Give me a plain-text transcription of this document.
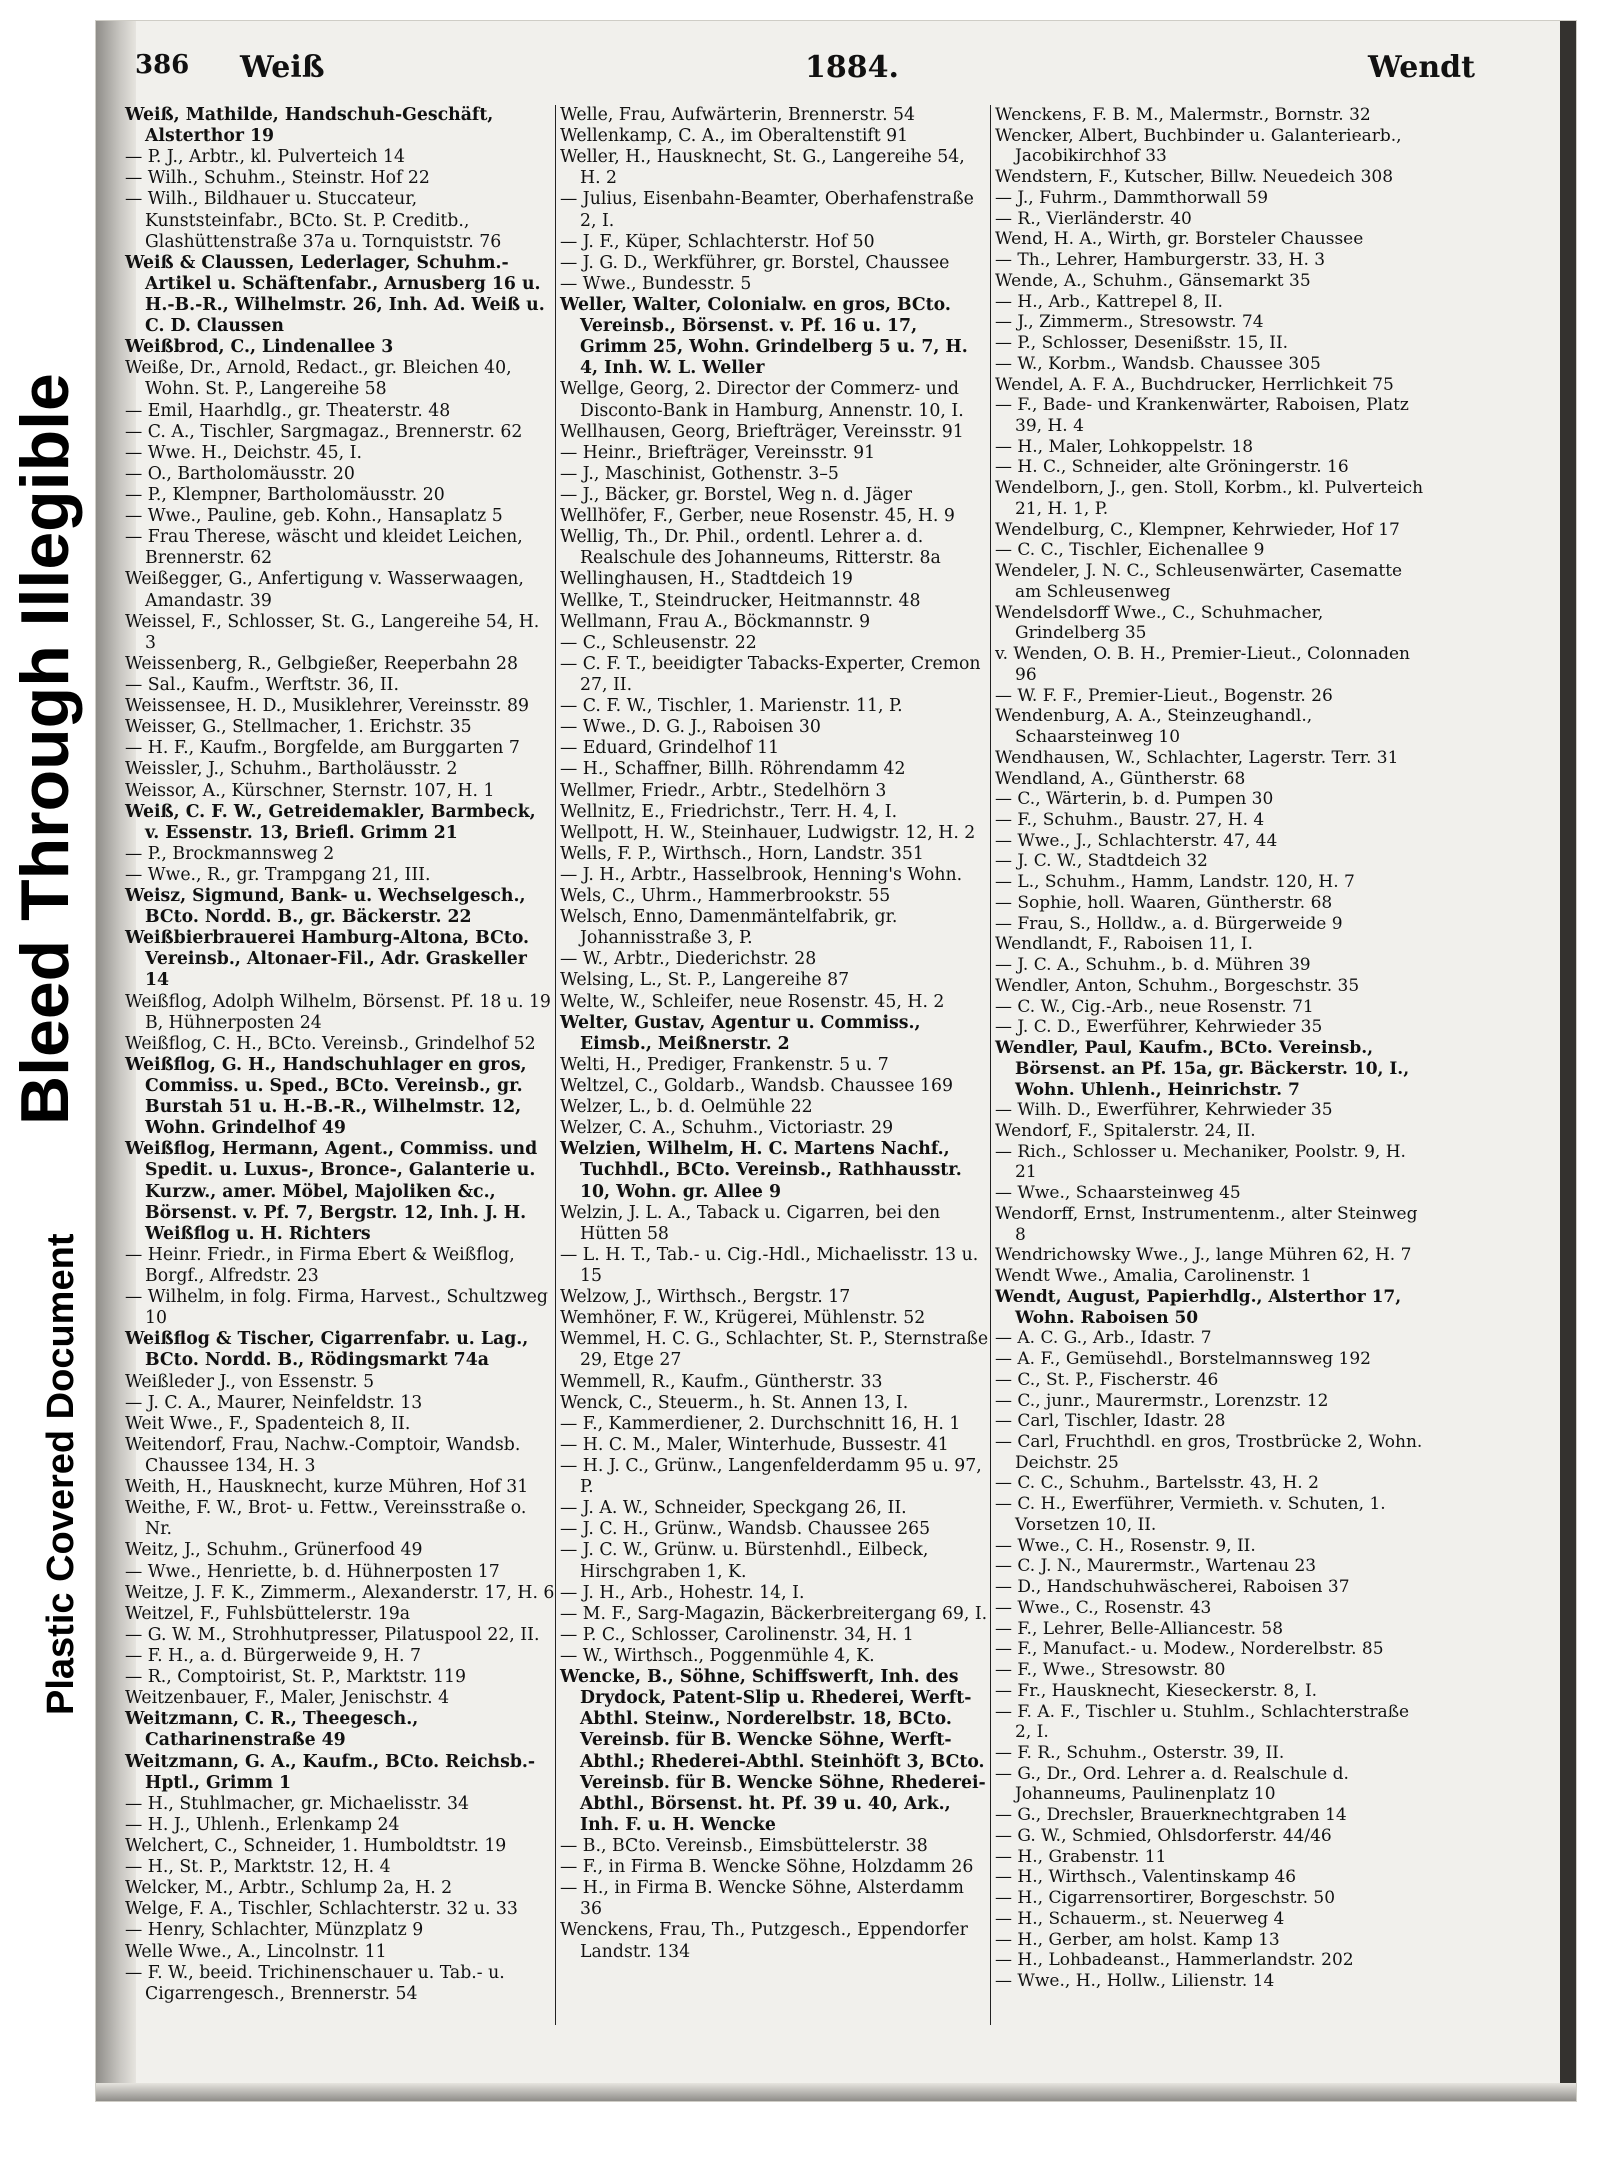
Bleed Through Illegible
Plastic Covered Document
386 Weiß	1884.	Wendt
Weiß, Mathilde, Handschuh-Geschäft, Alsterthor 19
— P. J., Arbtr., kl. Pulverteich 14
— Wilh., Schuhm., Steinstr. Hof 22
— Wilh., Bildhauer u. Stuccateur, Kunststeinfabr., BCto. St. P. Creditb., Glashüttenstraße 37a u. Tornquiststr. 76
Weiß & Claussen, Lederlager, Schuhm.-Artikel u. Schäftenfabr., Arnusberg 16 u. H.-B.-R., Wilhelmstr. 26, Inh. Ad. Weiß u. C. D. Claussen
Weißbrod, C., Lindenallee 3
Weiße, Dr., Arnold, Redact., gr. Bleichen 40, Wohn. St. P., Langereihe 58
— Emil, Haarhdlg., gr. Theaterstr. 48
— C. A., Tischler, Sargmagaz., Brennerstr. 62
— Wwe. H., Deichstr. 45, I.
— O., Bartholomäusstr. 20
— P., Klempner, Bartholomäusstr. 20
— Wwe., Pauline, geb. Kohn., Hansaplatz 5
— Frau Therese, wäscht und kleidet Leichen, Brennerstr. 62
Weißegger, G., Anfertigung v. Wasserwaagen, Amandastr. 39
Weissel, F., Schlosser, St. G., Langereihe 54, H. 3
Weissenberg, R., Gelbgießer, Reeperbahn 28
— Sal., Kaufm., Werftstr. 36, II.
Weissensee, H. D., Musiklehrer, Vereinsstr. 89
Weisser, G., Stellmacher, 1. Erichstr. 35
— H. F., Kaufm., Borgfelde, am Burggarten 7
Weissler, J., Schuhm., Bartholäusstr. 2
Weissor, A., Kürschner, Sternstr. 107, H. 1
Weiß, C. F. W., Getreidemakler, Barmbeck, v. Essenstr. 13, Briefl. Grimm 21
— P., Brockmannsweg 2
— Wwe., R., gr. Trampgang 21, III.
Weisz, Sigmund, Bank- u. Wechselgesch., BCto. Nordd. B., gr. Bäckerstr. 22
Weißbierbrauerei Hamburg-Altona, BCto. Vereinsb., Altonaer-Fil., Adr. Graskeller 14
Weißflog, Adolph Wilhelm, Börsenst. Pf. 18 u. 19 B, Hühnerposten 24
Weißflog, C. H., BCto. Vereinsb., Grindelhof 52
Weißflog, G. H., Handschuhlager en gros, Commiss. u. Sped., BCto. Vereinsb., gr. Burstah 51 u. H.-B.-R., Wilhelmstr. 12, Wohn. Grindelhof 49
Weißflog, Hermann, Agent., Commiss. und Spedit. u. Luxus-, Bronce-, Galanterie u. Kurzw., amer. Möbel, Majoliken &c., Börsenst. v. Pf. 7, Bergstr. 12, Inh. J. H. Weißflog u. H. Richters
— Heinr. Friedr., in Firma Ebert & Weißflog, Borgf., Alfredstr. 23
— Wilhelm, in folg. Firma, Harvest., Schultzweg 10
Weißflog & Tischer, Cigarrenfabr. u. Lag., BCto. Nordd. B., Rödingsmarkt 74a
Weißleder J., von Essenstr. 5
— J. C. A., Maurer, Neinfeldstr. 13
Weit Wwe., F., Spadenteich 8, II.
Weitendorf, Frau, Nachw.-Comptoir, Wandsb. Chaussee 134, H. 3
Weith, H., Hausknecht, kurze Mühren, Hof 31
Weithe, F. W., Brot- u. Fettw., Vereinsstraße o. Nr.
Weitz, J., Schuhm., Grünerfood 49
— Wwe., Henriette, b. d. Hühnerposten 17
Weitze, J. F. K., Zimmerm., Alexanderstr. 17, H. 6
Weitzel, F., Fuhlsbüttelerstr. 19a
— G. W. M., Strohhutpresser, Pilatuspool 22, II.
— F. H., a. d. Bürgerweide 9, H. 7
— R., Comptoirist, St. P., Marktstr. 119
Weitzenbauer, F., Maler, Jenischstr. 4
Weitzmann, C. R., Theegesch., Catharinenstraße 49
Weitzmann, G. A., Kaufm., BCto. Reichsb.-Hptl., Grimm 1
— H., Stuhlmacher, gr. Michaelisstr. 34
— H. J., Uhlenh., Erlenkamp 24
Welchert, C., Schneider, 1. Humboldtstr. 19
— H., St. P., Marktstr. 12, H. 4
Welcker, M., Arbtr., Schlump 2a, H. 2
Welge, F. A., Tischler, Schlachterstr. 32 u. 33
— Henry, Schlachter, Münzplatz 9
Welle Wwe., A., Lincolnstr. 11
— F. W., beeid. Trichinenschauer u. Tab.- u. Cigarrengesch., Brennerstr. 54
Welle, Frau, Aufwärterin, Brennerstr. 54
Wellenkamp, C. A., im Oberaltenstift 91
Weller, H., Hausknecht, St. G., Langereihe 54, H. 2
— Julius, Eisenbahn-Beamter, Oberhafenstraße 2, I.
— J. F., Küper, Schlachterstr. Hof 50
— J. G. D., Werkführer, gr. Borstel, Chaussee
— Wwe., Bundesstr. 5
Weller, Walter, Colonialw. en gros, BCto. Vereinsb., Börsenst. v. Pf. 16 u. 17, Grimm 25, Wohn. Grindelberg 5 u. 7, H. 4, Inh. W. L. Weller
Wellge, Georg, 2. Director der Commerz- und Disconto-Bank in Hamburg, Annenstr. 10, I.
Wellhausen, Georg, Briefträger, Vereinsstr. 91
— Heinr., Briefträger, Vereinsstr. 91
— J., Maschinist, Gothenstr. 3–5
— J., Bäcker, gr. Borstel, Weg n. d. Jäger
Wellhöfer, F., Gerber, neue Rosenstr. 45, H. 9
Wellig, Th., Dr. Phil., ordentl. Lehrer a. d. Realschule des Johanneums, Ritterstr. 8a
Wellinghausen, H., Stadtdeich 19
Wellke, T., Steindrucker, Heitmannstr. 48
Wellmann, Frau A., Böckmannstr. 9
— C., Schleusenstr. 22
— C. F. T., beeidigter Tabacks-Experter, Cremon 27, II.
— C. F. W., Tischler, 1. Marienstr. 11, P.
— Wwe., D. G. J., Raboisen 30
— Eduard, Grindelhof 11
— H., Schaffner, Billh. Röhrendamm 42
Wellmer, Friedr., Arbtr., Stedelhörn 3
Wellnitz, E., Friedrichstr., Terr. H. 4, I.
Wellpott, H. W., Steinhauer, Ludwigstr. 12, H. 2
Wells, F. P., Wirthsch., Horn, Landstr. 351
— J. H., Arbtr., Hasselbrook, Henning's Wohn.
Wels, C., Uhrm., Hammerbrookstr. 55
Welsch, Enno, Damenmäntelfabrik, gr. Johannisstraße 3, P.
— W., Arbtr., Diederichstr. 28
Welsing, L., St. P., Langereihe 87
Welte, W., Schleifer, neue Rosenstr. 45, H. 2
Welter, Gustav, Agentur u. Commiss., Eimsb., Meißnerstr. 2
Welti, H., Prediger, Frankenstr. 5 u. 7
Weltzel, C., Goldarb., Wandsb. Chaussee 169
Welzer, L., b. d. Oelmühle 22
Welzer, C. A., Schuhm., Victoriastr. 29
Welzien, Wilhelm, H. C. Martens Nachf., Tuchhdl., BCto. Vereinsb., Rathhausstr. 10, Wohn. gr. Allee 9
Welzin, J. L. A., Taback u. Cigarren, bei den Hütten 58
— L. H. T., Tab.- u. Cig.-Hdl., Michaelisstr. 13 u. 15
Welzow, J., Wirthsch., Bergstr. 17
Wemhöner, F. W., Krügerei, Mühlenstr. 52
Wemmel, H. C. G., Schlachter, St. P., Sternstraße 29, Etge 27
Wemmell, R., Kaufm., Güntherstr. 33
Wenck, C., Steuerm., h. St. Annen 13, I.
— F., Kammerdiener, 2. Durchschnitt 16, H. 1
— H. C. M., Maler, Winterhude, Bussestr. 41
— H. J. C., Grünw., Langenfelderdamm 95 u. 97, P.
— J. A. W., Schneider, Speckgang 26, II.
— J. C. H., Grünw., Wandsb. Chaussee 265
— J. C. W., Grünw. u. Bürstenhdl., Eilbeck, Hirschgraben 1, K.
— J. H., Arb., Hohestr. 14, I.
— M. F., Sarg-Magazin, Bäckerbreitergang 69, I.
— P. C., Schlosser, Carolinenstr. 34, H. 1
— W., Wirthsch., Poggenmühle 4, K.
Wencke, B., Söhne, Schiffswerft, Inh. des Drydock, Patent-Slip u. Rhederei, Werft-Abthl. Steinw., Norderelbstr. 18, BCto. Vereinsb. für B. Wencke Söhne, Werft-Abthl.; Rhederei-Abthl. Steinhöft 3, BCto. Vereinsb. für B. Wencke Söhne, Rhederei-Abthl., Börsenst. ht. Pf. 39 u. 40, Ark., Inh. F. u. H. Wencke
— B., BCto. Vereinsb., Eimsbüttelerstr. 38
— F., in Firma B. Wencke Söhne, Holzdamm 26
— H., in Firma B. Wencke Söhne, Alsterdamm 36
Wenckens, Frau, Th., Putzgesch., Eppendorfer Landstr. 134
Wenckens, F. B. M., Malermstr., Bornstr. 32
Wencker, Albert, Buchbinder u. Galanteriearb., Jacobikirchhof 33
Wendstern, F., Kutscher, Billw. Neuedeich 308
— J., Fuhrm., Dammthorwall 59
— R., Vierländerstr. 40
Wend, H. A., Wirth, gr. Borsteler Chaussee
— Th., Lehrer, Hamburgerstr. 33, H. 3
Wende, A., Schuhm., Gänsemarkt 35
— H., Arb., Kattrepel 8, II.
— J., Zimmerm., Stresowstr. 74
— P., Schlosser, Desenißstr. 15, II.
— W., Korbm., Wandsb. Chaussee 305
Wendel, A. F. A., Buchdrucker, Herrlichkeit 75
— F., Bade- und Krankenwärter, Raboisen, Platz 39, H. 4
— H., Maler, Lohkoppelstr. 18
— H. C., Schneider, alte Gröningerstr. 16
Wendelborn, J., gen. Stoll, Korbm., kl. Pulverteich 21, H. 1, P.
Wendelburg, C., Klempner, Kehrwieder, Hof 17
— C. C., Tischler, Eichenallee 9
Wendeler, J. N. C., Schleusenwärter, Casematte am Schleusenweg
Wendelsdorff Wwe., C., Schuhmacher, Grindelberg 35
v. Wenden, O. B. H., Premier-Lieut., Colonnaden 96
— W. F. F., Premier-Lieut., Bogenstr. 26
Wendenburg, A. A., Steinzeughandl., Schaarsteinweg 10
Wendhausen, W., Schlachter, Lagerstr. Terr. 31
Wendland, A., Güntherstr. 68
— C., Wärterin, b. d. Pumpen 30
— F., Schuhm., Baustr. 27, H. 4
— Wwe., J., Schlachterstr. 47, 44
— J. C. W., Stadtdeich 32
— L., Schuhm., Hamm, Landstr. 120, H. 7
— Sophie, holl. Waaren, Güntherstr. 68
— Frau, S., Holldw., a. d. Bürgerweide 9
Wendlandt, F., Raboisen 11, I.
— J. C. A., Schuhm., b. d. Mühren 39
Wendler, Anton, Schuhm., Borgeschstr. 35
— C. W., Cig.-Arb., neue Rosenstr. 71
— J. C. D., Ewerführer, Kehrwieder 35
Wendler, Paul, Kaufm., BCto. Vereinsb., Börsenst. an Pf. 15a, gr. Bäckerstr. 10, I., Wohn. Uhlenh., Heinrichstr. 7
— Wilh. D., Ewerführer, Kehrwieder 35
Wendorf, F., Spitalerstr. 24, II.
— Rich., Schlosser u. Mechaniker, Poolstr. 9, H. 21
— Wwe., Schaarsteinweg 45
Wendorff, Ernst, Instrumentenm., alter Steinweg 8
Wendrichowsky Wwe., J., lange Mühren 62, H. 7
Wendt Wwe., Amalia, Carolinenstr. 1
Wendt, August, Papierhdlg., Alsterthor 17, Wohn. Raboisen 50
— A. C. G., Arb., Idastr. 7
— A. F., Gemüsehdl., Borstelmannsweg 192
— C., St. P., Fischerstr. 46
— C., junr., Maurermstr., Lorenzstr. 12
— Carl, Tischler, Idastr. 28
— Carl, Fruchthdl. en gros, Trostbrücke 2, Wohn. Deichstr. 25
— C. C., Schuhm., Bartelsstr. 43, H. 2
— C. H., Ewerführer, Vermieth. v. Schuten, 1. Vorsetzen 10, II.
— Wwe., C. H., Rosenstr. 9, II.
— C. J. N., Maurermstr., Wartenau 23
— D., Handschuhwäscherei, Raboisen 37
— Wwe., C., Rosenstr. 43
— F., Lehrer, Belle-Alliancestr. 58
— F., Manufact.- u. Modew., Norderelbstr. 85
— F., Wwe., Stresowstr. 80
— Fr., Hausknecht, Kieseckerstr. 8, I.
— F. A. F., Tischler u. Stuhlm., Schlachterstraße 2, I.
— F. R., Schuhm., Osterstr. 39, II.
— G., Dr., Ord. Lehrer a. d. Realschule d. Johanneums, Paulinenplatz 10
— G., Drechsler, Brauerknechtgraben 14
— G. W., Schmied, Ohlsdorferstr. 44/46
— H., Grabenstr. 11
— H., Wirthsch., Valentinskamp 46
— H., Cigarrensortirer, Borgeschstr. 50
— H., Schauerm., st. Neuerweg 4
— H., Gerber, am holst. Kamp 13
— H., Lohbadeanst., Hammerlandstr. 202
— Wwe., H., Hollw., Lilienstr. 14
